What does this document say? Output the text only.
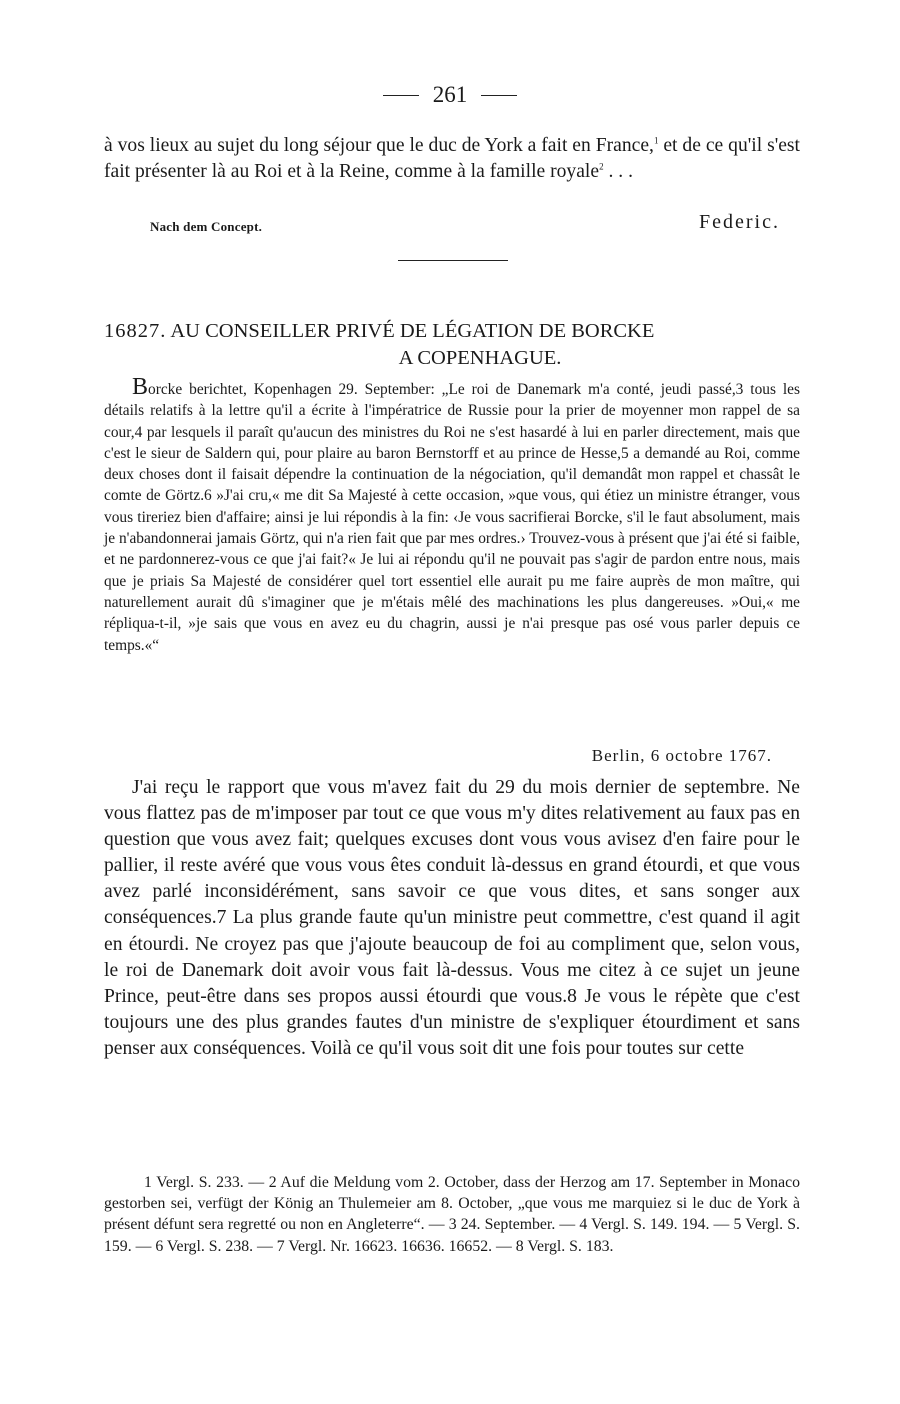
261
à vos lieux au sujet du long séjour que le duc de York a fait en France,$^1$ et de ce qu'il s'est fait présenter là au Roi et à la Reine, comme à la famille royale$^2$ . . .
Nach dem Concept.	Federic.
16827. AU CONSEILLER PRIVÉ DE LÉGATION DE BORCKE
A COPENHAGUE.
Borcke berichtet, Kopenhagen 29. September: „Le roi de Danemark m'a conté, jeudi passé,3 tous les détails relatifs à la lettre qu'il a écrite à l'impératrice de Russie pour la prier de moyenner mon rappel de sa cour,4 par lesquels il paraît qu'aucun des ministres du Roi ne s'est hasardé à lui en parler directement, mais que c'est le sieur de Saldern qui, pour plaire au baron Bernstorff et au prince de Hesse,5 a demandé au Roi, comme deux choses dont il faisait dépendre la continuation de la négociation, qu'il demandât mon rappel et chassât le comte de Görtz.6 »J'ai cru,« me dit Sa Majesté à cette occasion, »que vous, qui étiez un ministre étranger, vous vous tireriez bien d'affaire; ainsi je lui répondis à la fin: ‹Je vous sacrifierai Borcke, s'il le faut absolument, mais je n'abandonnerai jamais Görtz, qui n'a rien fait que par mes ordres.› Trouvez-vous à présent que j'ai été si faible, et ne pardonnerez-vous ce que j'ai fait?« Je lui ai répondu qu'il ne pouvait pas s'agir de pardon entre nous, mais que je priais Sa Majesté de considérer quel tort essentiel elle aurait pu me faire auprès de mon maître, qui naturellement aurait dû s'imaginer que je m'étais mêlé des machinations les plus dangereuses. »Oui,« me répliqua-t-il, »je sais que vous en avez eu du chagrin, aussi je n'ai presque pas osé vous parler depuis ce temps.«“
Berlin, 6 octobre 1767.
J'ai reçu le rapport que vous m'avez fait du 29 du mois dernier de septembre. Ne vous flattez pas de m'imposer par tout ce que vous m'y dites relativement au faux pas en question que vous avez fait; quelques excuses dont vous vous avisez d'en faire pour le pallier, il reste avéré que vous vous êtes conduit là-dessus en grand étourdi, et que vous avez parlé inconsidérément, sans savoir ce que vous dites, et sans songer aux conséquences.7 La plus grande faute qu'un ministre peut commettre, c'est quand il agit en étourdi. Ne croyez pas que j'ajoute beaucoup de foi au compliment que, selon vous, le roi de Danemark doit avoir vous fait là-dessus. Vous me citez à ce sujet un jeune Prince, peut-être dans ses propos aussi étourdi que vous.8 Je vous le répète que c'est toujours une des plus grandes fautes d'un ministre de s'expliquer étourdiment et sans penser aux conséquences. Voilà ce qu'il vous soit dit une fois pour toutes sur cette
1 Vergl. S. 233. — 2 Auf die Meldung vom 2. October, dass der Herzog am 17. September in Monaco gestorben sei, verfügt der König an Thulemeier am 8. October, „que vous me marquiez si le duc de York à présent défunt sera regretté ou non en Angleterre“. — 3 24. September. — 4 Vergl. S. 149. 194. — 5 Vergl. S. 159. — 6 Vergl. S. 238. — 7 Vergl. Nr. 16623. 16636. 16652. — 8 Vergl. S. 183.
